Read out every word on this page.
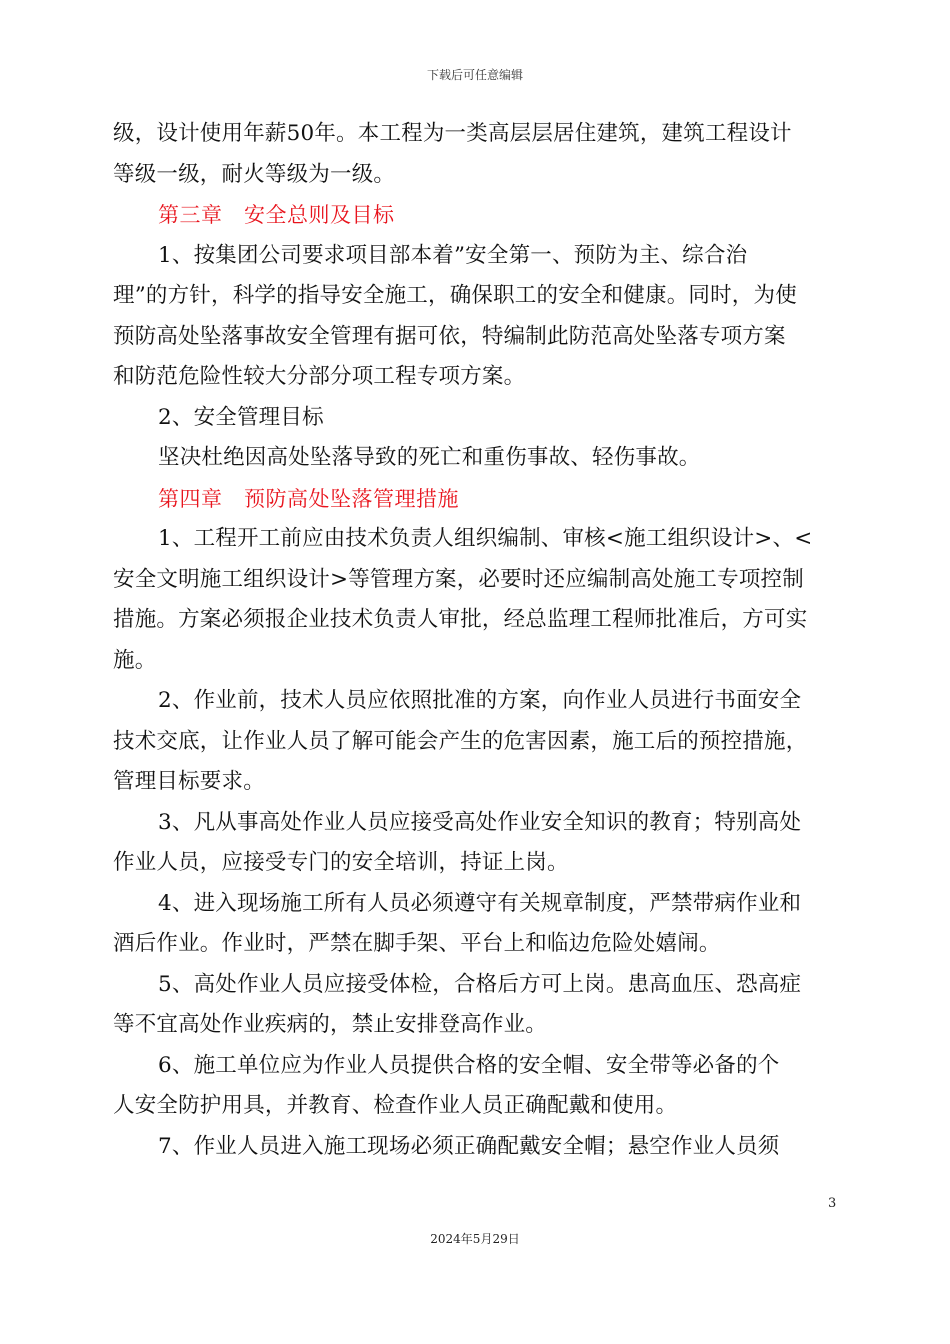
下载后可任意编辑
级，设计使用年薪50年。本工程为一类高层层居住建筑，建筑工程设计
等级一级，耐火等级为一级。
第三章　安全总则及目标
1、按集团公司要求项目部本着”安全第一、预防为主、综合治
理”的方针，科学的指导安全施工，确保职工的安全和健康。同时，为使
预防高处坠落事故安全管理有据可依，特编制此防范高处坠落专项方案
和防范危险性较大分部分项工程专项方案。
2、安全管理目标
坚决杜绝因高处坠落导致的死亡和重伤事故、轻伤事故。
第四章　预防高处坠落管理措施
1、工程开工前应由技术负责人组织编制、审核<施工组织设计>、<
安全文明施工组织设计>等管理方案，必要时还应编制高处施工专项控制
措施。方案必须报企业技术负责人审批，经总监理工程师批准后，方可实
施。
2、作业前，技术人员应依照批准的方案，向作业人员进行书面安全
技术交底，让作业人员了解可能会产生的危害因素，施工后的预控措施，
管理目标要求。
3、凡从事高处作业人员应接受高处作业安全知识的教育；特别高处
作业人员，应接受专门的安全培训，持证上岗。
4、进入现场施工所有人员必须遵守有关规章制度，严禁带病作业和
酒后作业。作业时，严禁在脚手架、平台上和临边危险处嬉闹。
5、高处作业人员应接受体检，合格后方可上岗。患高血压、恐高症
等不宜高处作业疾病的，禁止安排登高作业。
6、施工单位应为作业人员提供合格的安全帽、安全带等必备的个
人安全防护用具，并教育、检查作业人员正确配戴和使用。
7、作业人员进入施工现场必须正确配戴安全帽；悬空作业人员须
3
2024年5月29日
